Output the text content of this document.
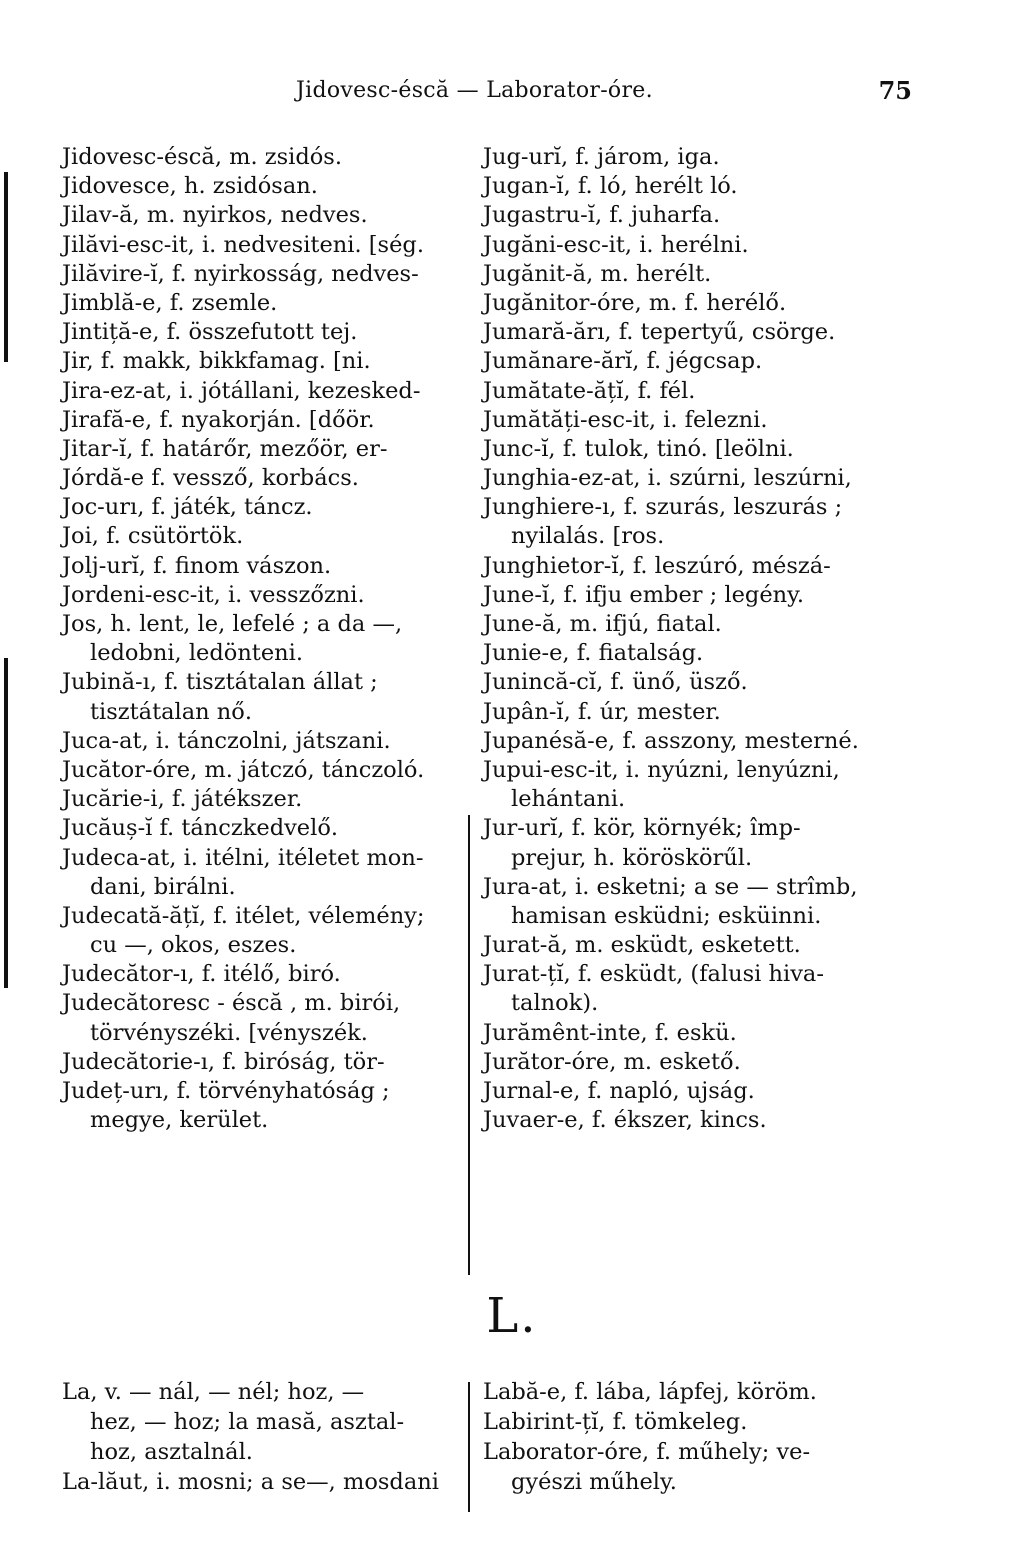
Jidovesc-éscă — Laborator-óre.	75
Jidovesc-éscă, m. zsidós.
Jidovesce, h. zsidósan.
Jilav-ă, m. nyirkos, nedves.
Jilăvi-esc-it, i. nedvesiteni. [ség.
Jilăvire-ĭ, f. nyirkosság, nedves-
Jimblă-e, f. zsemle.
Jintiță-e, f. összefutott tej.
Jir, f. makk, bikkfamag. [ni.
Jira-ez-at, i. jótállani, kezesked-
Jirafă-e, f. nyakorján. [dőör.
Jitar-ĭ, f. határőr, mezőör, er-
Jórdă-e f. vessző, korbács.
Joc-urı, f. játék, táncz.
Joi, f. csütörtök.
Jolj-urĭ, f. finom vászon.
Jordeni-esc-it, i. vesszőzni.
Jos, h. lent, le, lefelé ; a da —,
ledobni, ledönteni.
Jubină-ı, f. tisztátalan állat ;
tisztátalan nő.
Juca-at, i. tánczolni, játszani.
Jucător-óre, m. játczó, tánczoló.
Jucărie-i, f. játékszer.
Jucăuș-ĭ f. tánczkedvelő.
Judeca-at, i. itélni, itéletet mon-
dani, birálni.
Judecată-ățĭ, f. itélet, vélemény;
cu —, okos, eszes.
Judecător-ı, f. itélő, biró.
Judecătoresc - éscă , m. birói,
törvényszéki. [vényszék.
Judecătorie-ı, f. biróság, tör-
Județ-urı, f. törvényhatóság ;
megye, kerület.
Jug-urĭ, f. járom, iga.
Jugan-ĭ, f. ló, herélt ló.
Jugastru-ĭ, f. juharfa.
Jugăni-esc-it, i. herélni.
Jugănit-ă, m. herélt.
Jugănitor-óre, m. f. herélő.
Jumară-ărı, f. tepertyű, csörge.
Jumănare-ărĭ, f. jégcsap.
Jumătate-ățĭ, f. fél.
Jumătăți-esc-it, i. felezni.
Junc-ĭ, f. tulok, tinó. [leölni.
Junghia-ez-at, i. szúrni, leszúrni,
Junghiere-ı, f. szurás, leszurás ;
nyilalás. [ros.
Junghietor-ĭ, f. leszúró, mészá-
June-ĭ, f. ifju ember ; legény.
June-ă, m. ifjú, fiatal.
Junie-e, f. fiatalság.
Junincă-cĭ, f. ünő, üsző.
Jupân-ĭ, f. úr, mester.
Jupanésă-e, f. asszony, mesterné.
Jupui-esc-it, i. nyúzni, lenyúzni,
lehántani.
Jur-urĭ, f. kör, környék; împ-
prejur, h. köröskörűl.
Jura-at, i. esketni; a se — strîmb,
hamisan esküdni; esküinni.
Jurat-ă, m. esküdt, esketett.
Jurat-țĭ, f. esküdt, (falusi hiva-
talnok).
Jurămênt-inte, f. eskü.
Jurător-óre, m. eskető.
Jurnal-e, f. napló, ujság.
Juvaer-e, f. ékszer, kincs.
L.
La, v. — nál, — nél; hoz, —
hez, — hoz; la masă, asztal-
hoz, asztalnál.
La-lăut, i. mosni; a se—, mosdani
Labă-e, f. lába, lápfej, köröm.
Labirint-țĭ, f. tömkeleg.
Laborator-óre, f. műhely; ve-
gyészi műhely.
